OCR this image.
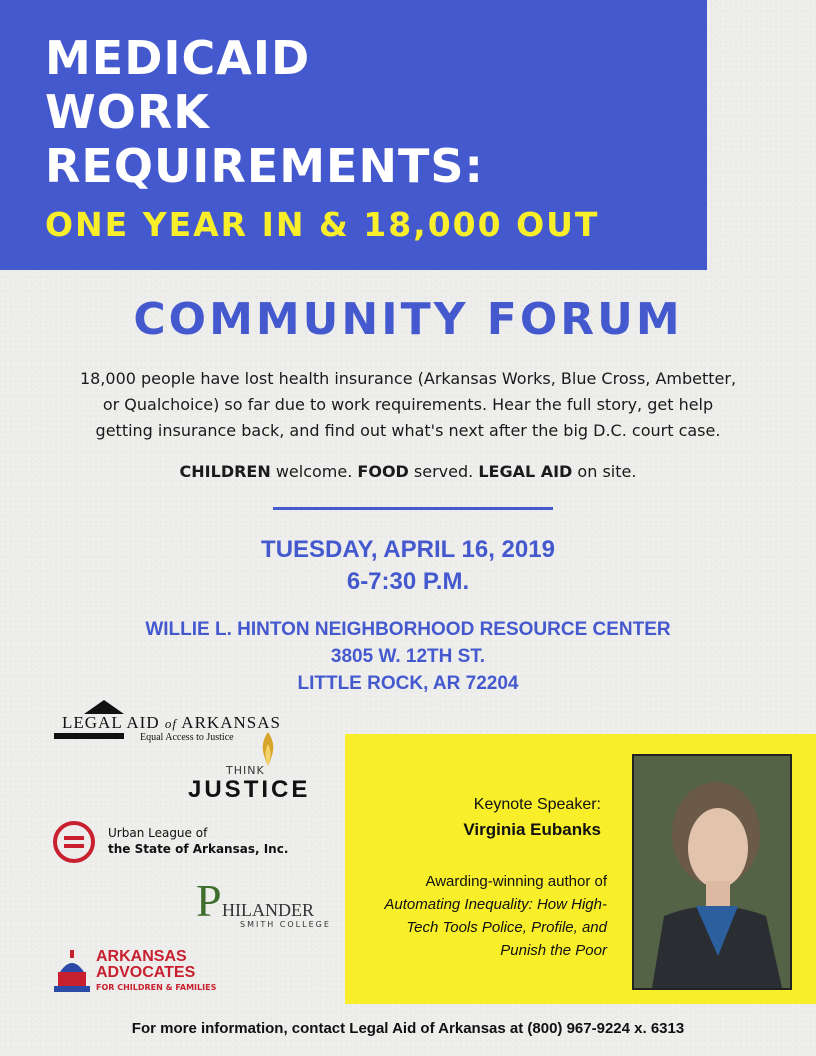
MEDICAID
WORK
REQUIREMENTS:
ONE YEAR IN & 18,000 OUT
COMMUNITY FORUM
18,000 people have lost health insurance (Arkansas Works, Blue Cross, Ambetter,
or Qualchoice) so far due to work requirements. Hear the full story, get help
getting insurance back, and find out what's next after the big D.C. court case.
CHILDREN welcome. FOOD served. LEGAL AID on site.
TUESDAY, APRIL 16, 2019
6-7:30 P.M.
WILLIE L. HINTON NEIGHBORHOOD RESOURCE CENTER
3805 W. 12TH ST.
LITTLE ROCK, AR 72204
LEGAL AID of ARKANSAS
Equal Access to Justice
THINK
JUSTICE
Urban League of
the State of Arkansas, Inc.
P HILANDER
SMITH COLLEGE
ARKANSAS
ADVOCATES
FOR CHILDREN & FAMILIES
Keynote Speaker:
Virginia Eubanks
Awarding-winning author of
Automating Inequality: How High-
Tech Tools Police, Profile, and
Punish the Poor
For more information, contact Legal Aid of Arkansas at (800) 967-9224 x. 6313
